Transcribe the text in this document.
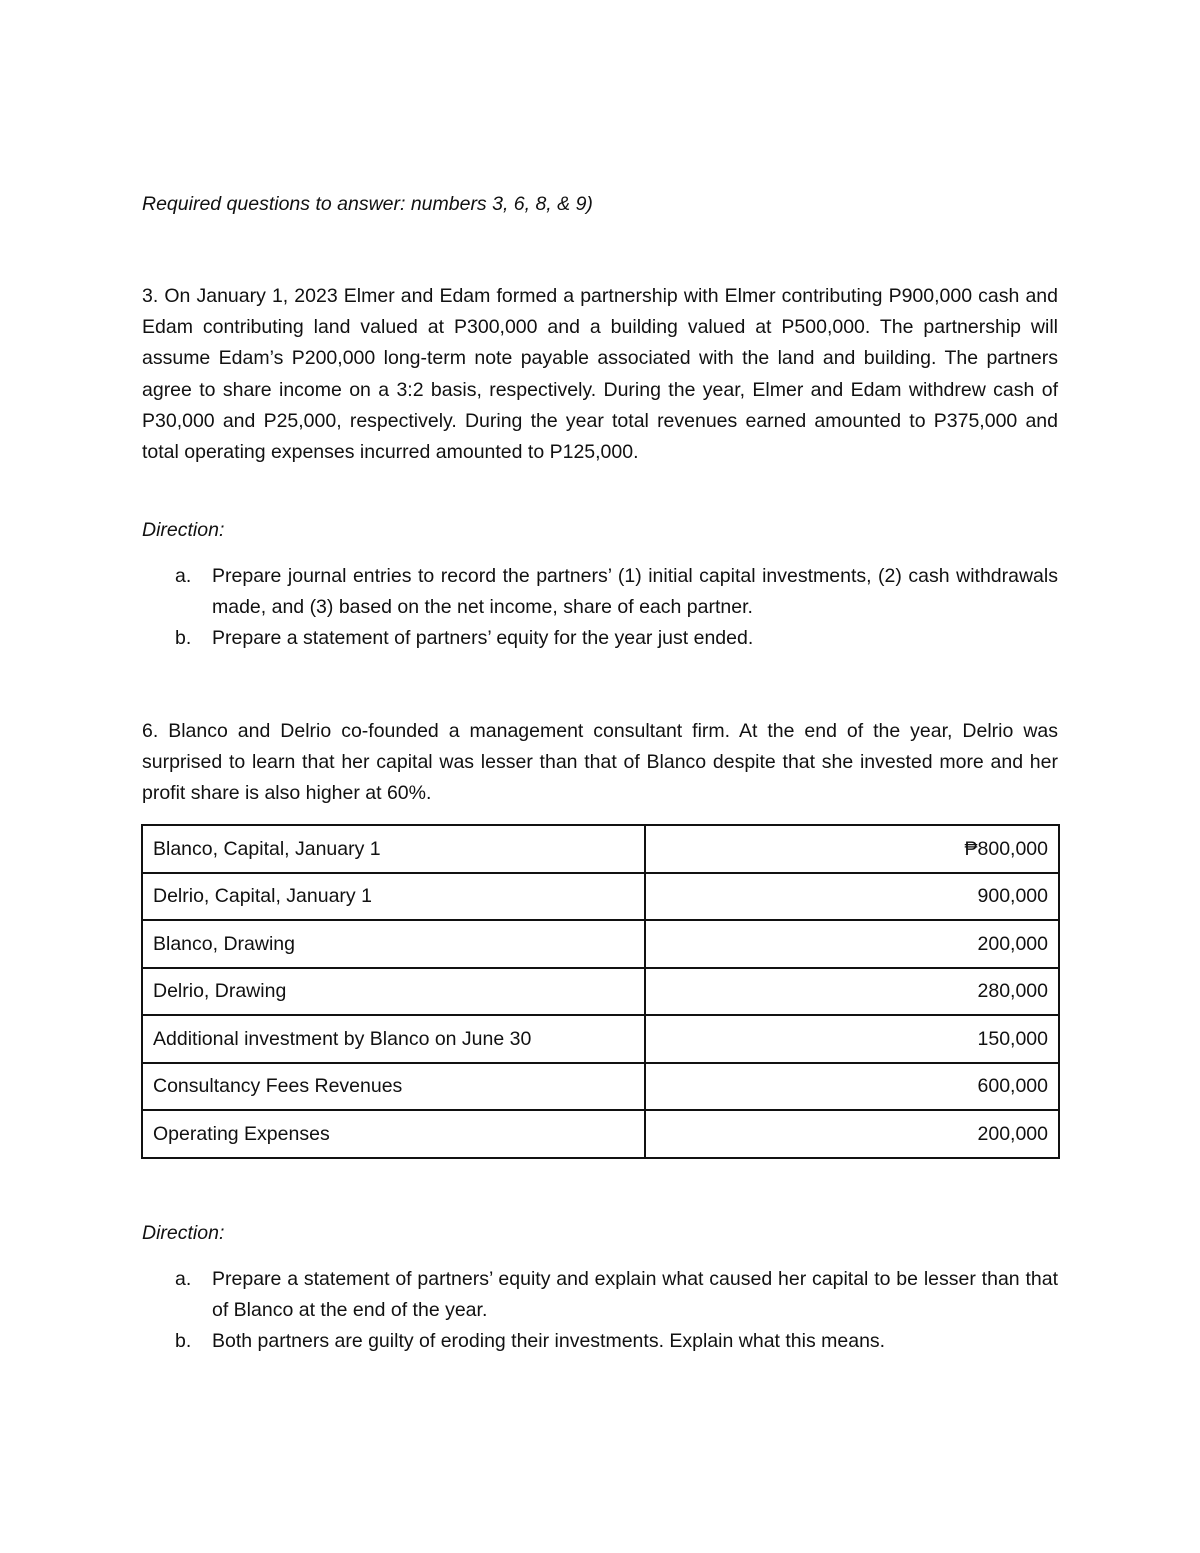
Required questions to answer: numbers 3, 6, 8, & 9)

3. On January 1, 2023 Elmer and Edam formed a partnership with Elmer contributing P900,000 cash and Edam contributing land valued at P300,000 and a building valued at P500,000. The partnership will assume Edam’s P200,000 long-term note payable associated with the land and building. The partners agree to share income on a 3:2 basis, respectively. During the year, Elmer and Edam withdrew cash of P30,000 and P25,000, respectively. During the year total revenues earned amounted to P375,000 and total operating expenses incurred amounted to P125,000.

Direction:

a. Prepare journal entries to record the partners’ (1) initial capital investments, (2) cash withdrawals made, and (3) based on the net income, share of each partner.
b. Prepare a statement of partners’ equity for the year just ended.

6. Blanco and Delrio co-founded a management consultant firm. At the end of the year, Delrio was surprised to learn that her capital was lesser than that of Blanco despite that she invested more and her profit share is also higher at 60%.

Blanco, Capital, January 1	₱800,000
Delrio, Capital, January 1	900,000
Blanco, Drawing	200,000
Delrio, Drawing	280,000
Additional investment by Blanco on June 30	150,000
Consultancy Fees Revenues	600,000
Operating Expenses	200,000

Direction:

a. Prepare a statement of partners’ equity and explain what caused her capital to be lesser than that of Blanco at the end of the year.
b. Both partners are guilty of eroding their investments. Explain what this means.
